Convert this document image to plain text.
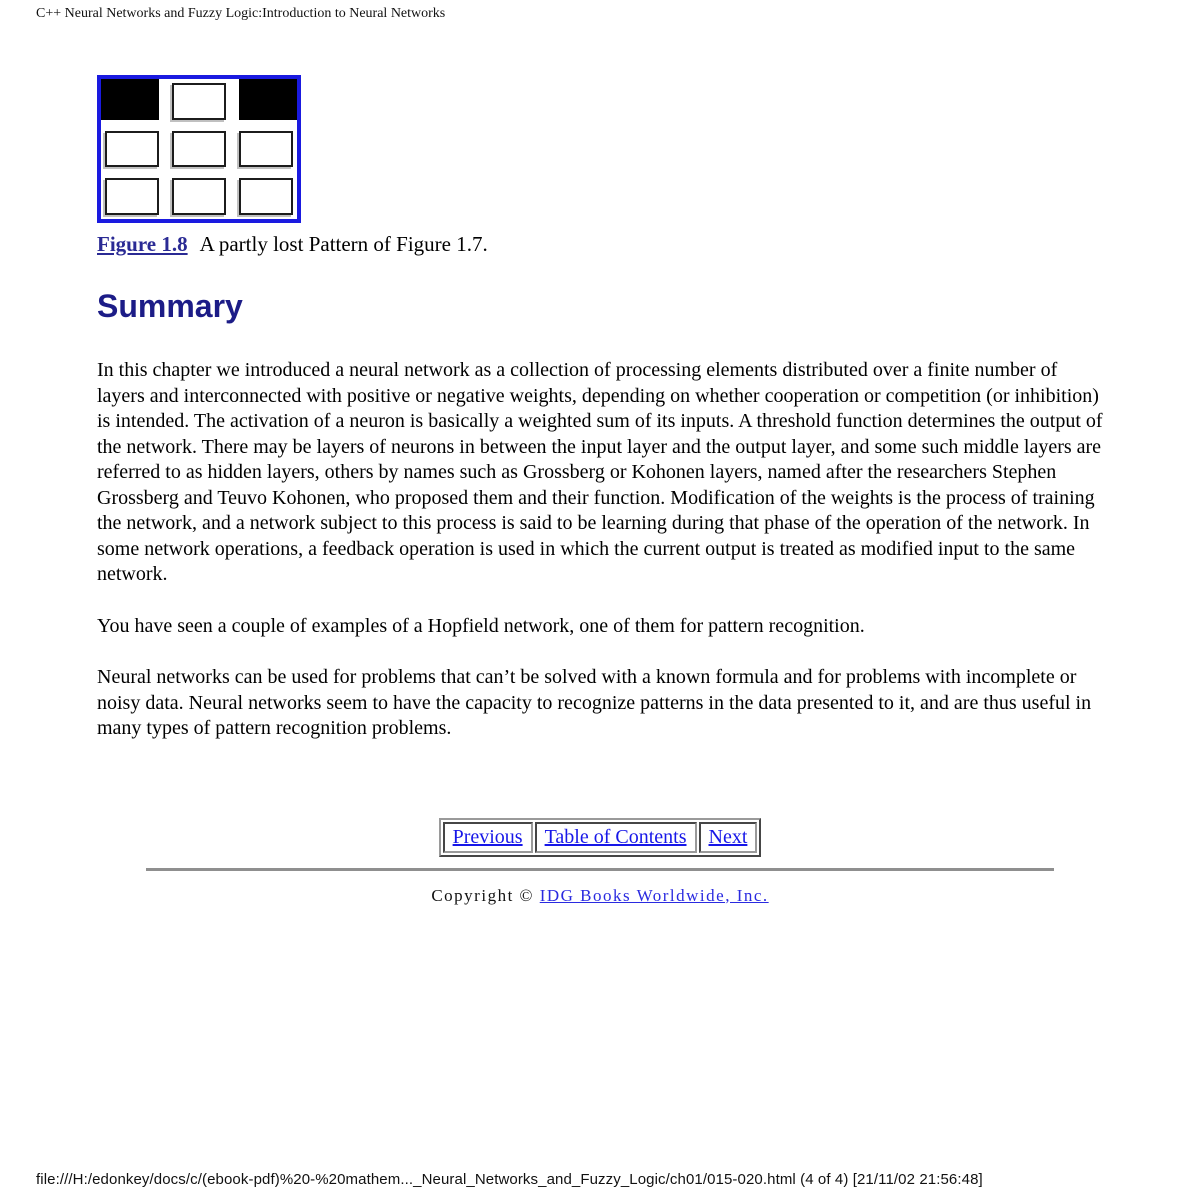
C++ Neural Networks and Fuzzy Logic:Introduction to Neural Networks
Figure 1.8 A partly lost Pattern of Figure 1.7.
Summary

In this chapter we introduced a neural network as a collection of processing elements distributed over a finite number of layers and interconnected with positive or negative weights, depending on whether cooperation or competition (or inhibition) is intended. The activation of a neuron is basically a weighted sum of its inputs. A threshold function determines the output of the network. There may be layers of neurons in between the input layer and the output layer, and some such middle layers are referred to as hidden layers, others by names such as Grossberg or Kohonen layers, named after the researchers Stephen Grossberg and Teuvo Kohonen, who proposed them and their function. Modification of the weights is the process of training the network, and a network subject to this process is said to be learning during that phase of the operation of the network. In some network operations, a feedback operation is used in which the current output is treated as modified input to the same network.

You have seen a couple of examples of a Hopfield network, one of them for pattern recognition.

Neural networks can be used for problems that can’t be solved with a known formula and for problems with incomplete or noisy data. Neural networks seem to have the capacity to recognize patterns in the data presented to it, and are thus useful in many types of pattern recognition problems.

Previous	Table of Contents	Next
Copyright © IDG Books Worldwide, Inc.
file:///H:/edonkey/docs/c/(ebook-pdf)%20-%20mathem..._Neural_Networks_and_Fuzzy_Logic/ch01/015-020.html (4 of 4) [21/11/02 21:56:48]
